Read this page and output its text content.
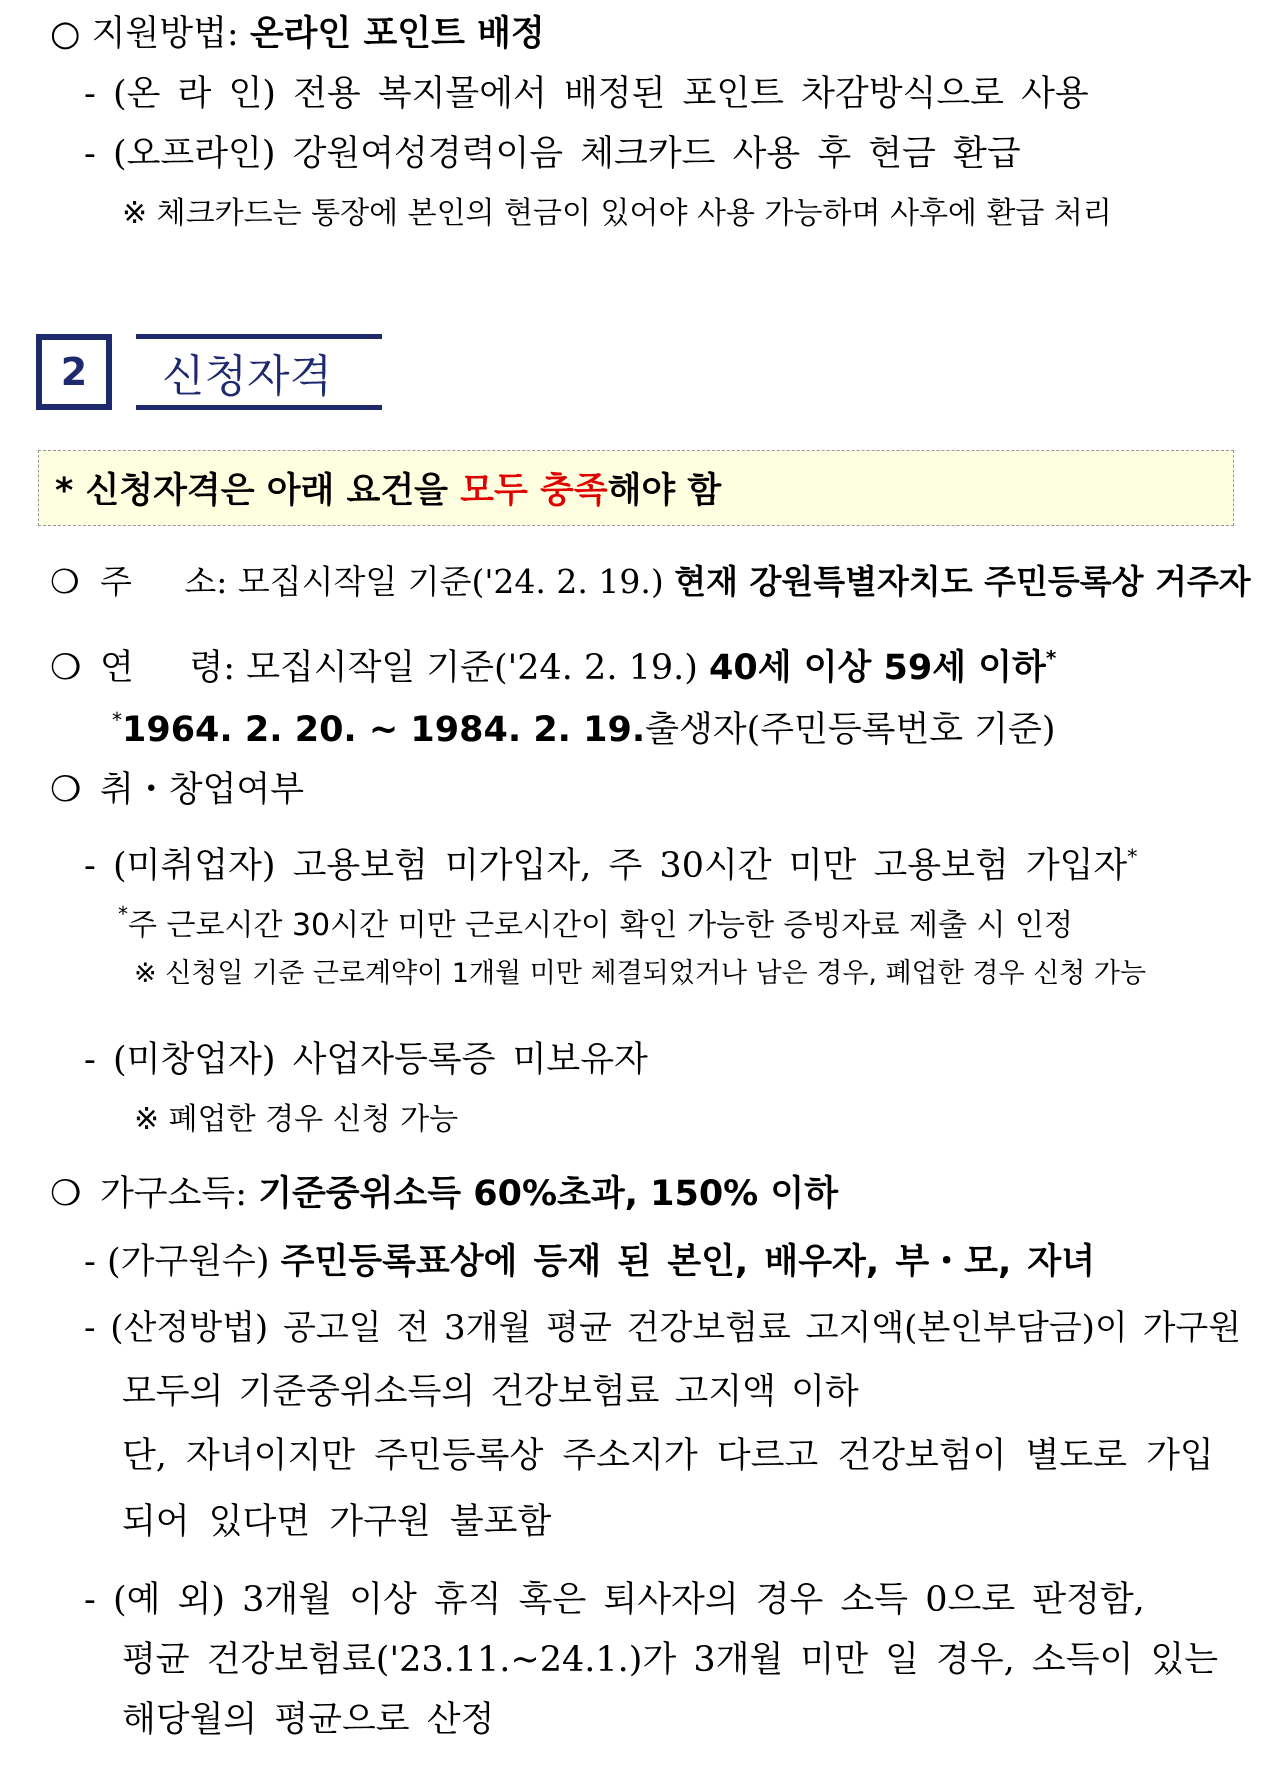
○ 지원방법: 온라인 포인트 배정
- (온 라 인) 전용 복지몰에서 배정된 포인트 차감방식으로 사용
- (오프라인) 강원여성경력이음 체크카드 사용 후 현금 환급
※ 체크카드는 통장에 본인의 현금이 있어야 사용 가능하며 사후에 환급 처리
2	신청자격
* 신청자격은 아래 요건을
모두 충족 해야 함
❍ 주     소: 모집시작일 기준('24. 2. 19.) 현재 강원특별자치도 주민등록상 거주자
❍ 연     령: 모집시작일 기준('24. 2. 19.) 40세 이상 59세 이하*
*1964. 2. 20. ~ 1984. 2. 19.출생자(주민등록번호 기준)
❍ 취・창업여부
- (미취업자) 고용보험 미가입자, 주 30시간 미만 고용보험 가입자*
*주 근로시간 30시간 미만 근로시간이 확인 가능한 증빙자료 제출 시 인정
※ 신청일 기준 근로계약이 1개월 미만 체결되었거나 남은 경우, 폐업한 경우 신청 가능
- (미창업자) 사업자등록증 미보유자
※ 폐업한 경우 신청 가능
❍ 가구소득: 기준중위소득 60%초과, 150% 이하
- (가구원수) 주민등록표상에 등재 된 본인, 배우자, 부・모, 자녀
- (산정방법) 공고일 전 3개월 평균 건강보험료 고지액(본인부담금)이 가구원
모두의 기준중위소득의 건강보험료 고지액 이하
단, 자녀이지만 주민등록상 주소지가 다르고 건강보험이 별도로 가입
되어 있다면 가구원 불포함
- (예 외) 3개월 이상 휴직 혹은 퇴사자의 경우 소득 0으로 판정함,
평균 건강보험료('23.11.~24.1.)가 3개월 미만 일 경우, 소득이 있는
해당월의 평균으로 산정
